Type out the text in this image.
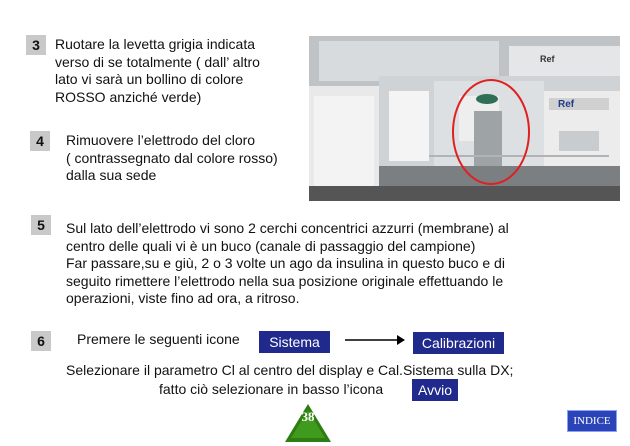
Ref
Ref
3	Ruotare la levetta grigia indicata
verso di se totalmente ( dall’ altro
lato vi sarà un bollino di colore
ROSSO anziché verde)
4	Rimuovere l’elettrodo del cloro
( contrassegnato dal colore rosso)
dalla sua sede
5	Sul lato dell’elettrodo vi sono 2 cerchi concentrici azzurri (membrane) al
centro delle quali vi è un buco (canale di passaggio del campione)
Far passare,su e giù, 2 o 3 volte un ago da insulina in questo buco e di
seguito rimettere l’elettrodo nella sua posizione originale effettuando le
operazioni, viste fino ad ora, a ritroso.
6	Premere le seguenti icone	Sistema	Calibrazioni
Selezionare il parametro Cl al centro del display e Cal.Sistema sulla DX;
fatto ciò selezionare in basso l’icona	Avvio
38	INDICE
